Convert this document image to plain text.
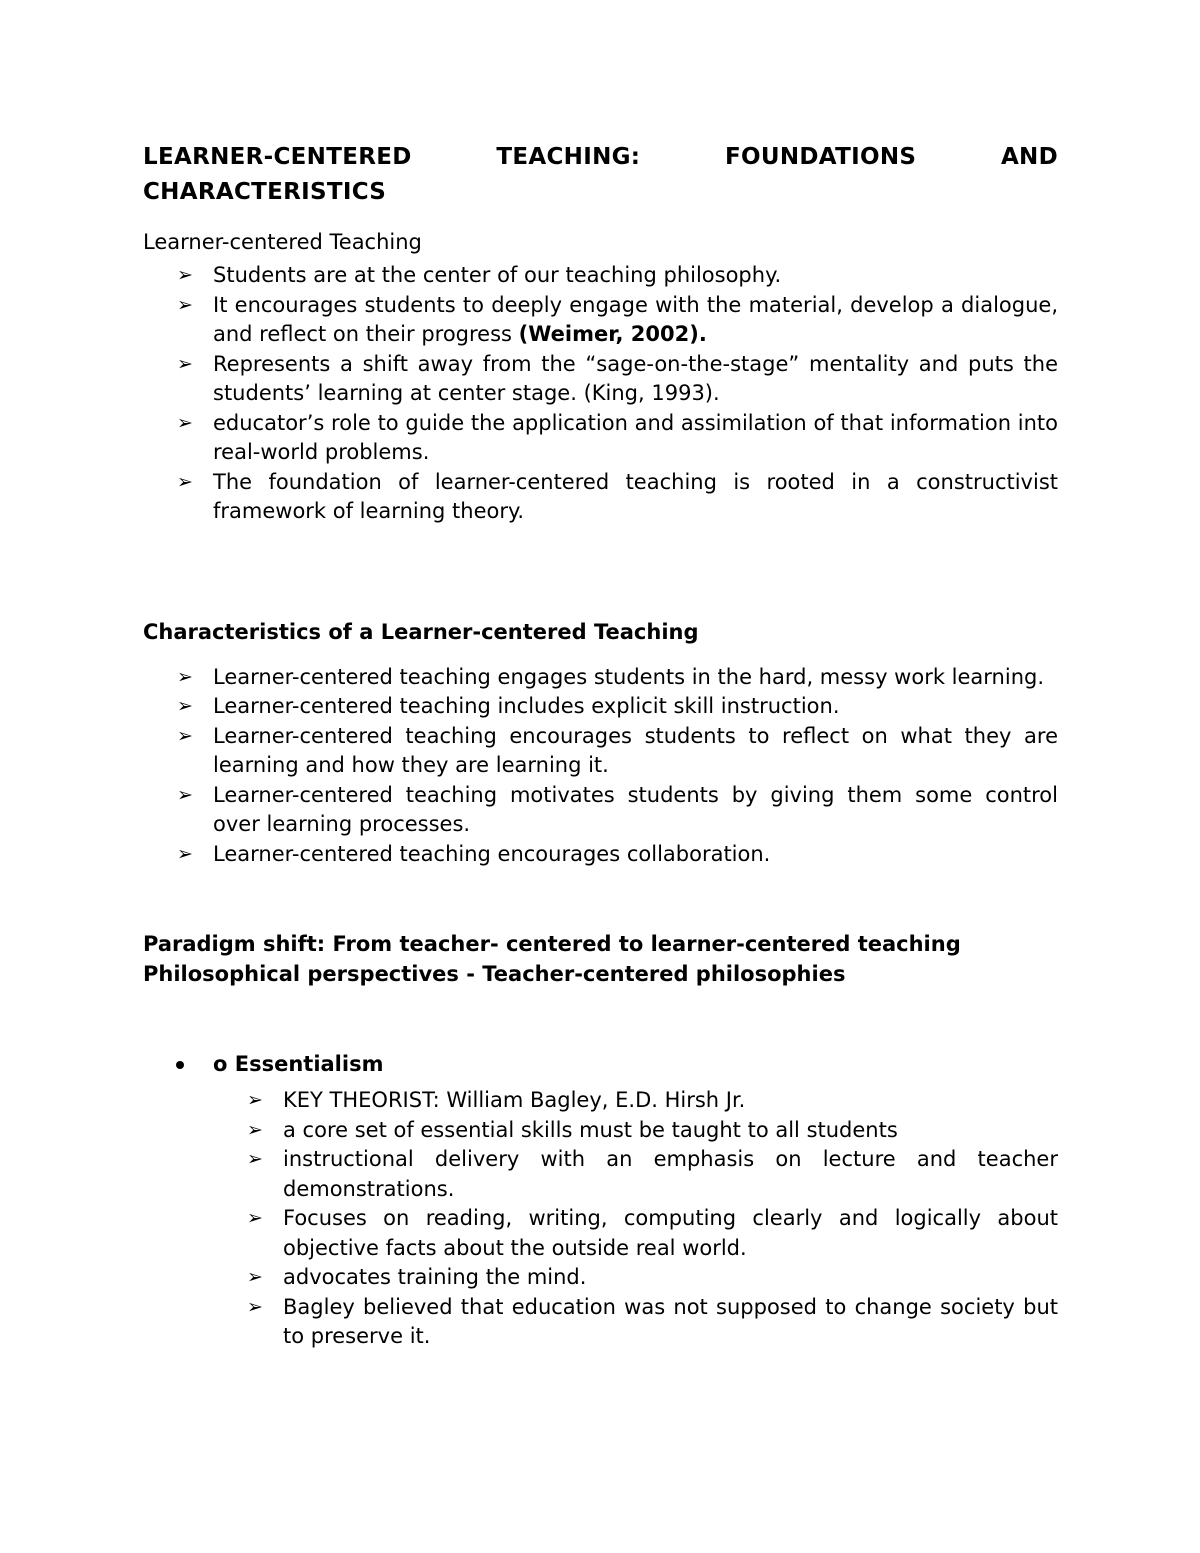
LEARNER-CENTERED TEACHING: FOUNDATIONS AND
CHARACTERISTICS
Learner-centered Teaching
➢ Students are at the center of our teaching philosophy.
➢ It encourages students to deeply engage with the material, develop a dialogue, and reflect on their progress (Weimer, 2002).
➢ Represents a shift away from the “sage-on-the-stage” mentality and puts the students’ learning at center stage. (King, 1993).
➢ educator’s role to guide the application and assimilation of that information into real-world problems.
➢ The foundation of learner-centered teaching is rooted in a constructivist framework of learning theory.
Characteristics of a Learner-centered Teaching
➢ Learner-centered teaching engages students in the hard, messy work learning.
➢ Learner-centered teaching includes explicit skill instruction.
➢ Learner-centered teaching encourages students to reflect on what they are learning and how they are learning it.
➢ Learner-centered teaching motivates students by giving them some control over learning processes.
➢ Learner-centered teaching encourages collaboration.
Paradigm shift: From teacher- centered to learner-centered teaching
Philosophical perspectives - Teacher-centered philosophies
o Essentialism
➢ KEY THEORIST: William Bagley, E.D. Hirsh Jr.
➢ a core set of essential skills must be taught to all students
➢ instructional delivery with an emphasis on lecture and teacher demonstrations.
➢ Focuses on reading, writing, computing clearly and logically about objective facts about the outside real world.
➢ advocates training the mind.
➢ Bagley believed that education was not supposed to change society but to preserve it.
